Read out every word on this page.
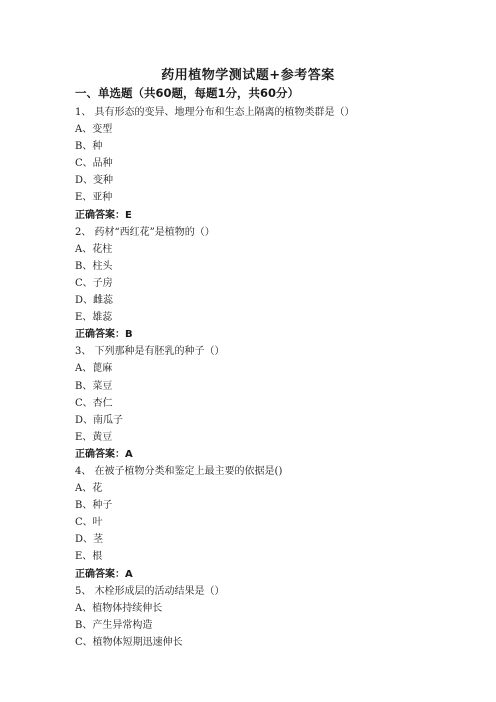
药用植物学测试题+参考答案
一、单选题（共60题，每题1分，共60分）
1、 具有形态的变异、地理分布和生态上隔离的植物类群是（）
A、变型
B、种
C、品种
D、变种
E、亚种
正确答案：E
2、 药材“西红花”是植物的（）
A、花柱
B、柱头
C、子房
D、雌蕊
E、雄蕊
正确答案：B
3、 下列那种是有胚乳的种子（）
A、蓖麻
B、菜豆
C、杏仁
D、南瓜子
E、黄豆
正确答案：A
4、 在被子植物分类和鉴定上最主要的依据是()
A、花
B、种子
C、叶
D、茎
E、根
正确答案：A
5、 木栓形成层的活动结果是（）
A、植物体持续伸长
B、产生异常构造
C、植物体短期迅速伸长
